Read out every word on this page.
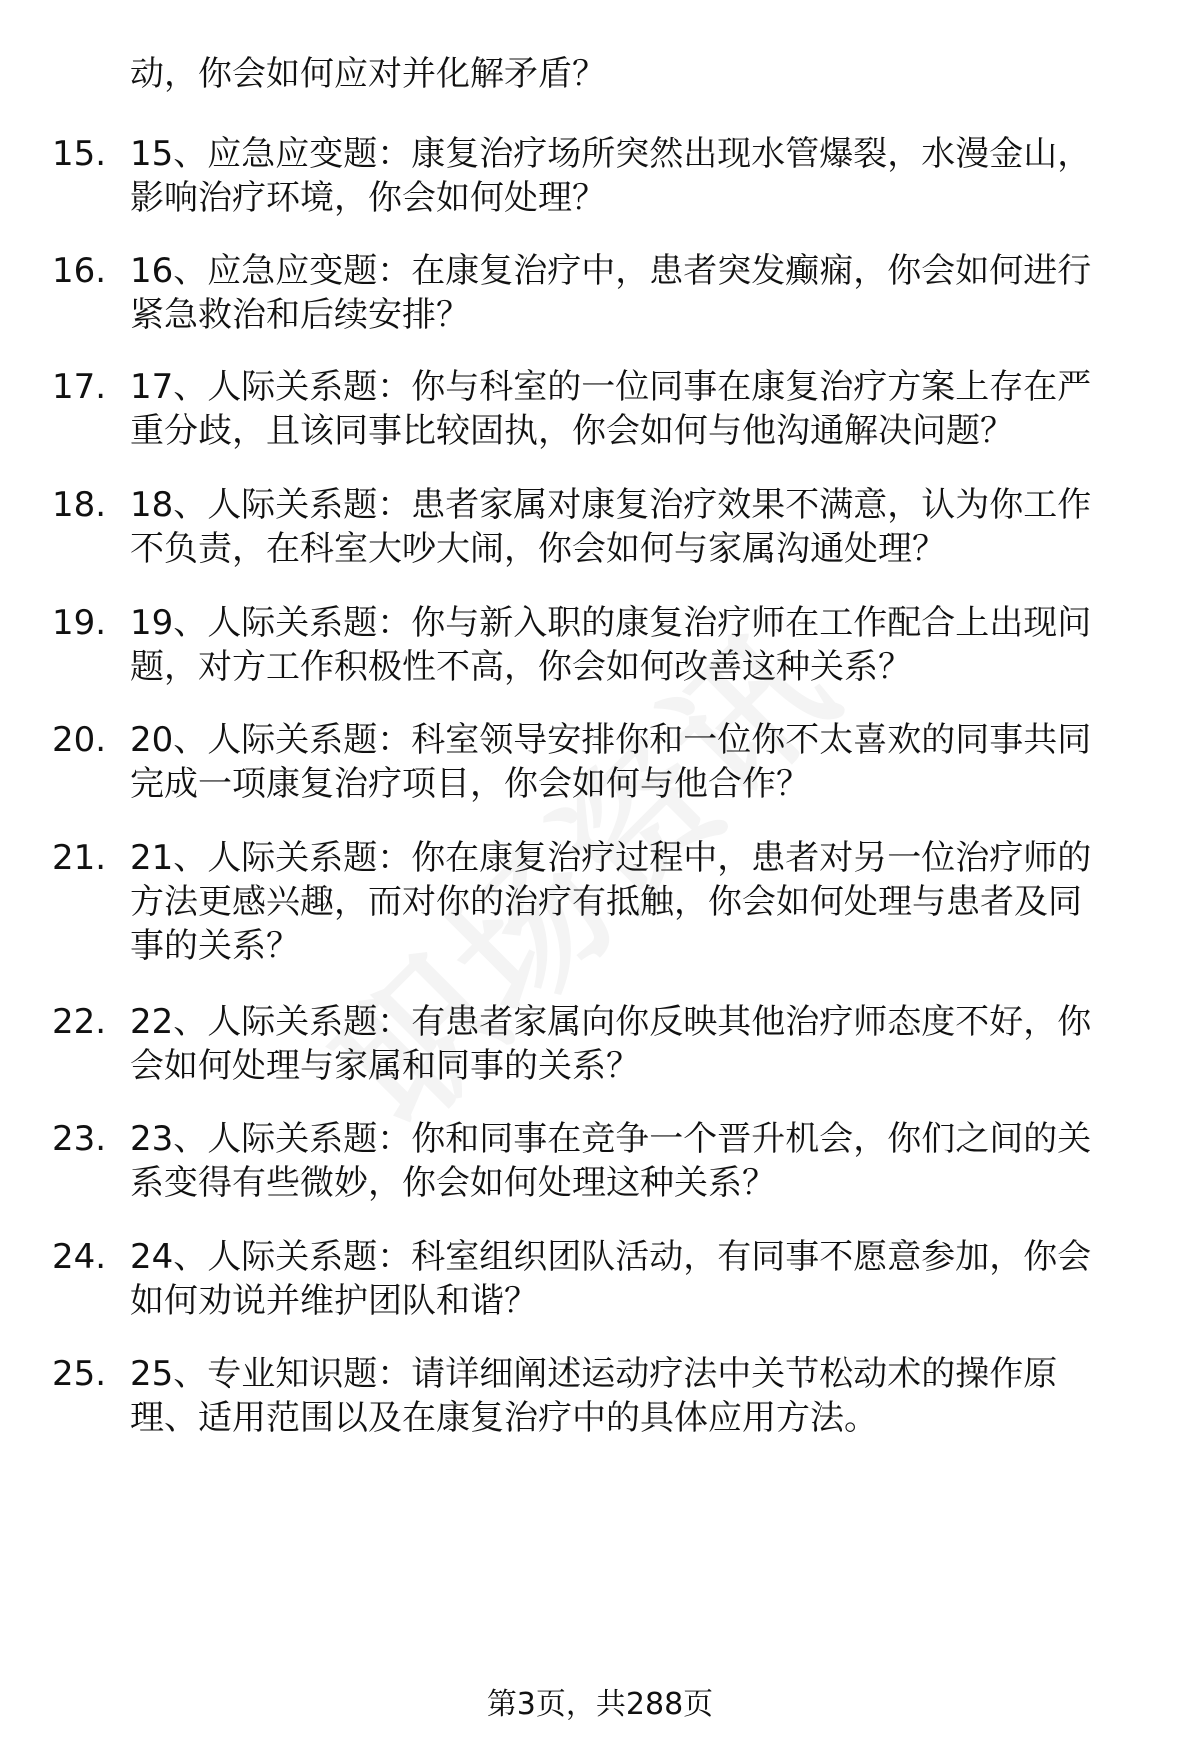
动，你会如何应对并化解矛盾？
15. 15、应急应变题：康复治疗场所突然出现水管爆裂，水漫金山，
影响治疗环境，你会如何处理？
16. 16、应急应变题：在康复治疗中，患者突发癫痫，你会如何进行
紧急救治和后续安排？
17. 17、人际关系题：你与科室的一位同事在康复治疗方案上存在严
重分歧，且该同事比较固执，你会如何与他沟通解决问题？
18. 18、人际关系题：患者家属对康复治疗效果不满意，认为你工作
不负责，在科室大吵大闹，你会如何与家属沟通处理？
19. 19、人际关系题：你与新入职的康复治疗师在工作配合上出现问
题，对方工作积极性不高，你会如何改善这种关系？
20. 20、人际关系题：科室领导安排你和一位你不太喜欢的同事共同
完成一项康复治疗项目，你会如何与他合作？
21. 21、人际关系题：你在康复治疗过程中，患者对另一位治疗师的
方法更感兴趣，而对你的治疗有抵触，你会如何处理与患者及同
事的关系？
22. 22、人际关系题：有患者家属向你反映其他治疗师态度不好，你
会如何处理与家属和同事的关系？
23. 23、人际关系题：你和同事在竞争一个晋升机会，你们之间的关
系变得有些微妙，你会如何处理这种关系？
24. 24、人际关系题：科室组织团队活动，有同事不愿意参加，你会
如何劝说并维护团队和谐？
25. 25、专业知识题：请详细阐述运动疗法中关节松动术的操作原
理、适用范围以及在康复治疗中的具体应用方法。
第3页，共288页
